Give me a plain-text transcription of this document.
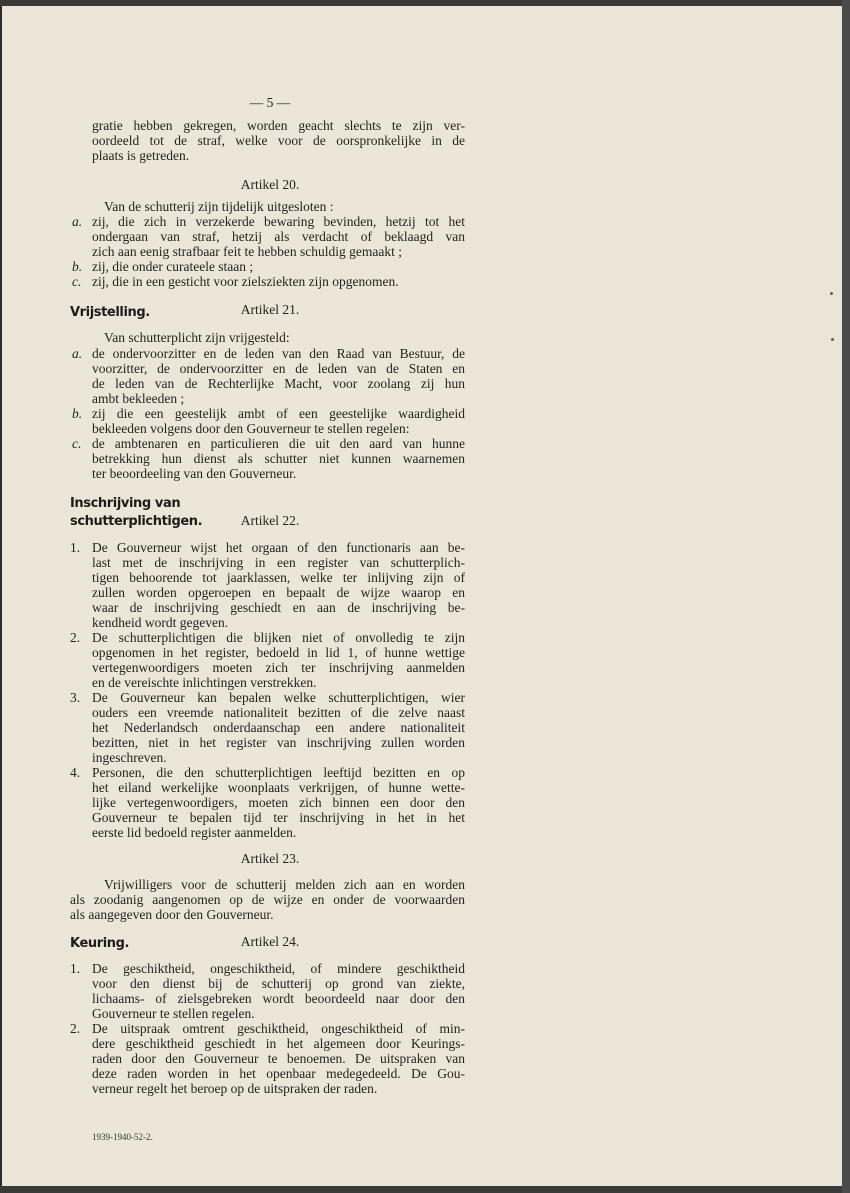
— 5 —
gratie hebben gekregen, worden geacht slechts te zijn ver-
oordeeld tot de straf, welke voor de oorspronkelijke in de
plaats is getreden.
Artikel 20.
Van de schutterij zijn tijdelijk uitgesloten :
a. zij, die zich in verzekerde bewaring bevinden, hetzij tot het
ondergaan van straf, hetzij als verdacht of beklaagd van
zich aan eenig strafbaar feit te hebben schuldig gemaakt ;
b. zij, die onder curateele staan ;
c. zij, die in een gesticht voor zielsziekten zijn opgenomen.
Vrijstelling.	Artikel 21.
Van schutterplicht zijn vrijgesteld:
a. de ondervoorzitter en de leden van den Raad van Bestuur, de
voorzitter, de ondervoorzitter en de leden van de Staten en
de leden van de Rechterlijke Macht, voor zoolang zij hun
ambt bekleeden ;
b. zij die een geestelijk ambt of een geestelijke waardigheid
bekleeden volgens door den Gouverneur te stellen regelen:
c. de ambtenaren en particulieren die uit den aard van hunne
betrekking hun dienst als schutter niet kunnen waarnemen
ter beoordeeling van den Gouverneur.
Inschrijving van
schutterplichtigen.	Artikel 22.
1. De Gouverneur wijst het orgaan of den functionaris aan be-
last met de inschrijving in een register van schutterplich-
tigen behoorende tot jaarklassen, welke ter inlijving zijn of
zullen worden opgeroepen en bepaalt de wijze waarop en
waar de inschrijving geschiedt en aan de inschrijving be-
kendheid wordt gegeven.
2. De schutterplichtigen die blijken niet of onvolledig te zijn
opgenomen in het register, bedoeld in lid 1, of hunne wettige
vertegenwoordigers moeten zich ter inschrijving aanmelden
en de vereischte inlichtingen verstrekken.
3. De Gouverneur kan bepalen welke schutterplichtigen, wier
ouders een vreemde nationaliteit bezitten of die zelve naast
het Nederlandsch onderdaanschap een andere nationaliteit
bezitten, niet in het register van inschrijving zullen worden
ingeschreven.
4. Personen, die den schutterplichtigen leeftijd bezitten en op
het eiland werkelijke woonplaats verkrijgen, of hunne wette-
lijke vertegenwoordigers, moeten zich binnen een door den
Gouverneur te bepalen tijd ter inschrijving in het in het
eerste lid bedoeld register aanmelden.
Artikel 23.
Vrijwilligers voor de schutterij melden zich aan en worden
als zoodanig aangenomen op de wijze en onder de voorwaarden
als aangegeven door den Gouverneur.
Keuring.	Artikel 24.
1. De geschiktheid, ongeschiktheid, of mindere geschiktheid
voor den dienst bij de schutterij op grond van ziekte,
lichaams- of zielsgebreken wordt beoordeeld naar door den
Gouverneur te stellen regelen.
2. De uitspraak omtrent geschiktheid, ongeschiktheid of min-
dere geschiktheid geschiedt in het algemeen door Keurings-
raden door den Gouverneur te benoemen. De uitspraken van
deze raden worden in het openbaar medegedeeld. De Gou-
verneur regelt het beroep op de uitspraken der raden.
1939-1940-52-2.
